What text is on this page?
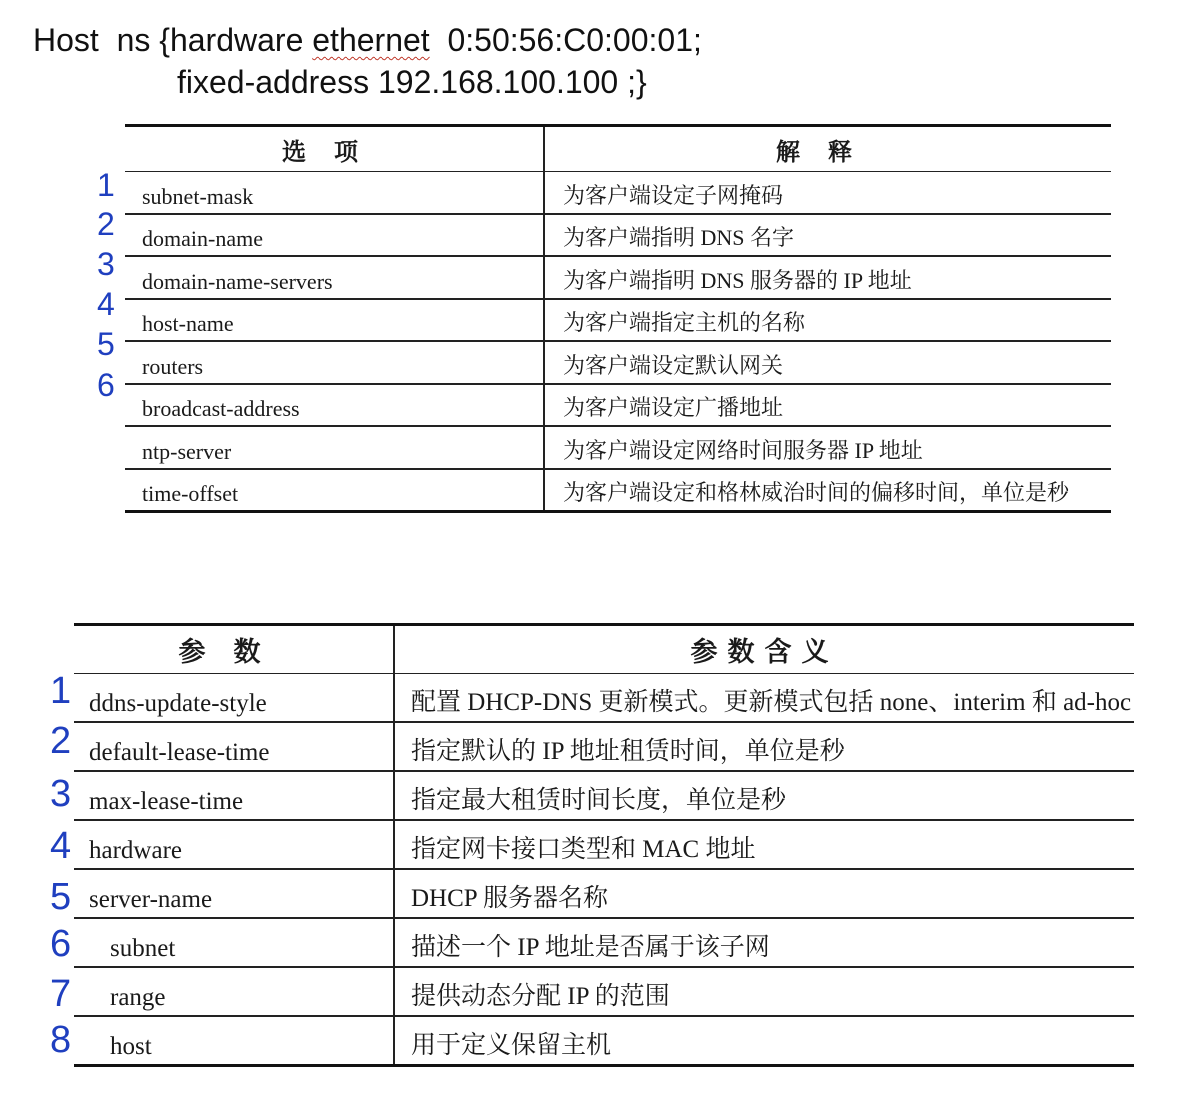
Host  ns {hardware ethernet  0:50:56:C0:00:01;
fixed-address 192.168.100.100 ;}
选项	解释
subnet-mask	为客户端设定子网掩码
domain-name	为客户端指明 DNS 名字
domain-name-servers	为客户端指明 DNS 服务器的 IP 地址
host-name	为客户端指定主机的名称
routers	为客户端设定默认网关
broadcast-address	为客户端设定广播地址
ntp-server	为客户端设定网络时间服务器 IP 地址
time-offset	为客户端设定和格林威治时间的偏移时间，单位是秒
1
2
3
4
5
6
参数	参数含义
ddns-update-style	配置 DHCP-DNS 更新模式。更新模式包括 none、interim 和 ad-hoc
default-lease-time	指定默认的 IP 地址租赁时间，单位是秒
max-lease-time	指定最大租赁时间长度，单位是秒
hardware	指定网卡接口类型和 MAC 地址
server-name	DHCP 服务器名称
subnet	描述一个 IP 地址是否属于该子网
range	提供动态分配 IP 的范围
host	用于定义保留主机
1
2
3
4
5
6
7
8
